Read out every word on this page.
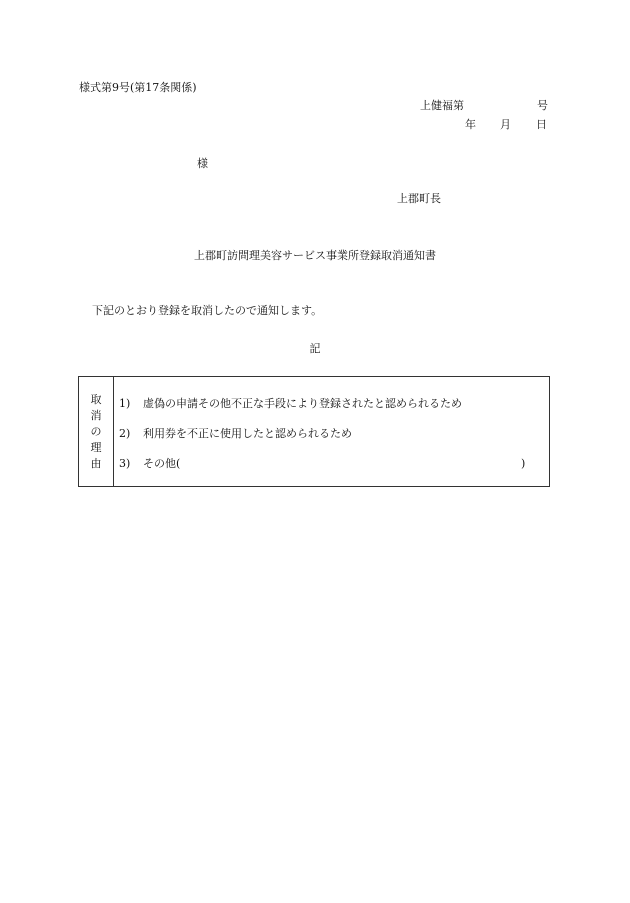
様式第9号(第17条関係)
上健福第	号
年 月 日
様
上郡町長
上郡町訪問理美容サービス事業所登録取消通知書
下記のとおり登録を取消したので通知します。
記
取
消
の
理
由
1) 虚偽の申請その他不正な手段により登録されたと認められるため
2) 利用券を不正に使用したと認められるため
3) その他(	)
